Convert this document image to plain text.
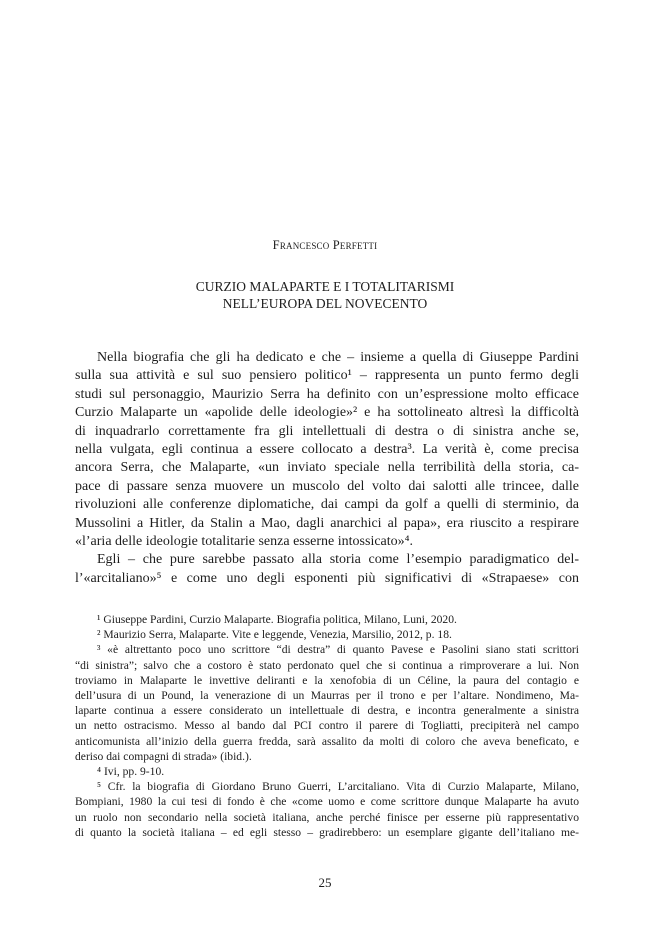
Francesco Perfetti
CURZIO MALAPARTE E I TOTALITARISMI
NELL’EUROPA DEL NOVECENTO
Nella biografia che gli ha dedicato e che – insieme a quella di Giuseppe Pardini
sulla sua attività e sul suo pensiero politico¹ – rappresenta un punto fermo degli
studi sul personaggio, Maurizio Serra ha definito con un’espressione molto efficace
Curzio Malaparte un «apolide delle ideologie»² e ha sottolineato altresì la difficoltà
di inquadrarlo correttamente fra gli intellettuali di destra o di sinistra anche se,
nella vulgata, egli continua a essere collocato a destra³. La verità è, come precisa
ancora Serra, che Malaparte, «un inviato speciale nella terribilità della storia, ca-
pace di passare senza muovere un muscolo del volto dai salotti alle trincee, dalle
rivoluzioni alle conferenze diplomatiche, dai campi da golf a quelli di sterminio, da
Mussolini a Hitler, da Stalin a Mao, dagli anarchici al papa», era riuscito a respirare
«l’aria delle ideologie totalitarie senza esserne intossicato»⁴.
Egli – che pure sarebbe passato alla storia come l’esempio paradigmatico del-
l’«arcitaliano»⁵ e come uno degli esponenti più significativi di «Strapaese» con
¹ Giuseppe Pardini, Curzio Malaparte. Biografia politica, Milano, Luni, 2020.
² Maurizio Serra, Malaparte. Vite e leggende, Venezia, Marsilio, 2012, p. 18.
³ «è altrettanto poco uno scrittore “di destra” di quanto Pavese e Pasolini siano stati scrittori
“di sinistra”; salvo che a costoro è stato perdonato quel che si continua a rimproverare a lui. Non
troviamo in Malaparte le invettive deliranti e la xenofobia di un Céline, la paura del contagio e
dell’usura di un Pound, la venerazione di un Maurras per il trono e per l’altare. Nondimeno, Ma-
laparte continua a essere considerato un intellettuale di destra, e incontra generalmente a sinistra
un netto ostracismo. Messo al bando dal PCI contro il parere di Togliatti, precipiterà nel campo
anticomunista all’inizio della guerra fredda, sarà assalito da molti di coloro che aveva beneficato, e
deriso dai compagni di strada» (ibid.).
⁴ Ivi, pp. 9-10.
⁵ Cfr. la biografia di Giordano Bruno Guerri, L’arcitaliano. Vita di Curzio Malaparte, Milano,
Bompiani, 1980 la cui tesi di fondo è che «come uomo e come scrittore dunque Malaparte ha avuto
un ruolo non secondario nella società italiana, anche perché finisce per esserne più rappresentativo
di quanto la società italiana – ed egli stesso – gradirebbero: un esemplare gigante dell’italiano me-
25
